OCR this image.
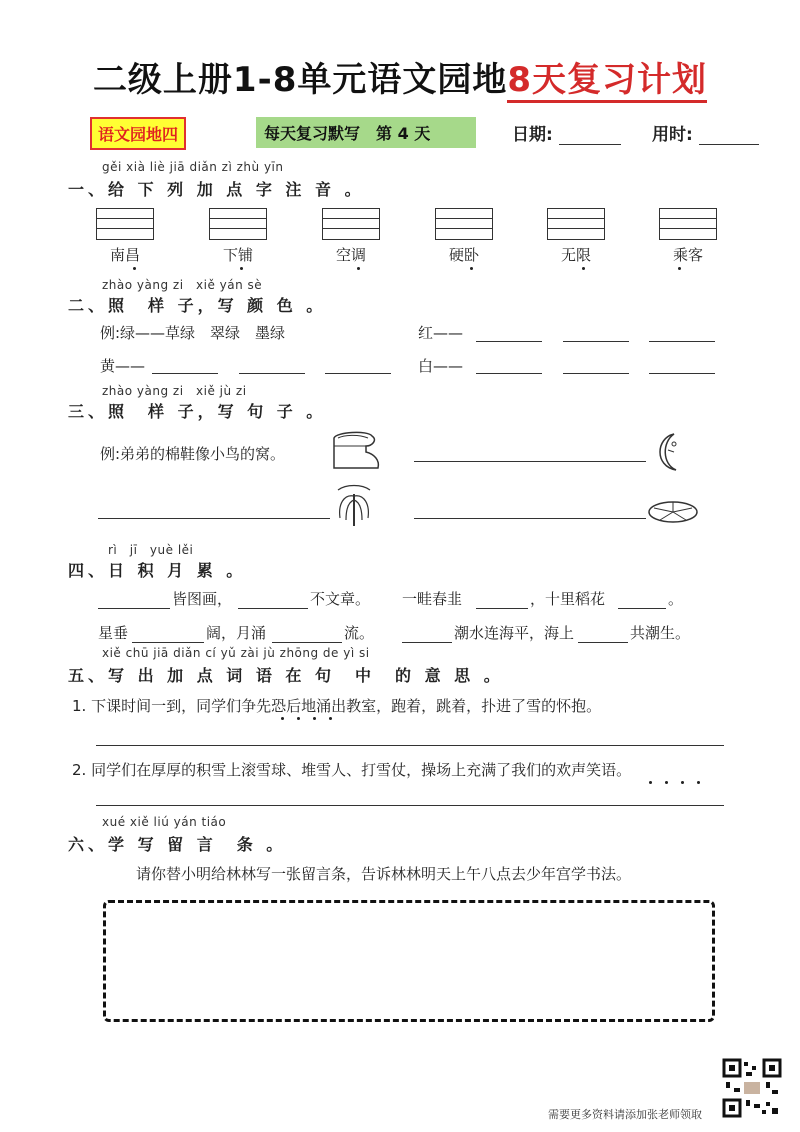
二级上册1-8单元语文园地8天复习计划
语文园地四	每天复习默写　第 4 天	日期:	用时:
gěi xià liè jiā diǎn zì zhù yīn
一、给 下 列 加 点 字 注 音 。
南昌	下铺	空调	硬卧	无限	乘客
zhào yàng zi　xiě yán sè
二、照　样 子，写 颜 色 。
例:绿——草绿　翠绿　墨绿	红——
黄——	白——
zhào yàng zi　xiě jù zi
三、照　样 子，写 句 子 。
例:弟弟的棉鞋像小鸟的窝。
rì　jī　yuè lěi
四、日 积 月 累 。
皆图画，	不文章。 一畦春韭	，十里稻花	。
星垂	阔，月涌	流。	潮水连海平，海上	共潮生。
xiě chū jiā diǎn cí yǔ zài jù zhōng de yì si
五、写 出 加 点 词 语 在 句　中　的 意 思 。
1. 下课时间一到，同学们争先恐后地涌出教室，跑着，跳着，扑进了雪的怀抱。
2. 同学们在厚厚的积雪上滚雪球、堆雪人、打雪仗，操场上充满了我们的欢声笑语。
xué xiě liú yán tiáo
六、学 写 留 言　条 。
请你替小明给林林写一张留言条，告诉林林明天上午八点去少年宫学书法。
需要更多资料请添加张老师领取
